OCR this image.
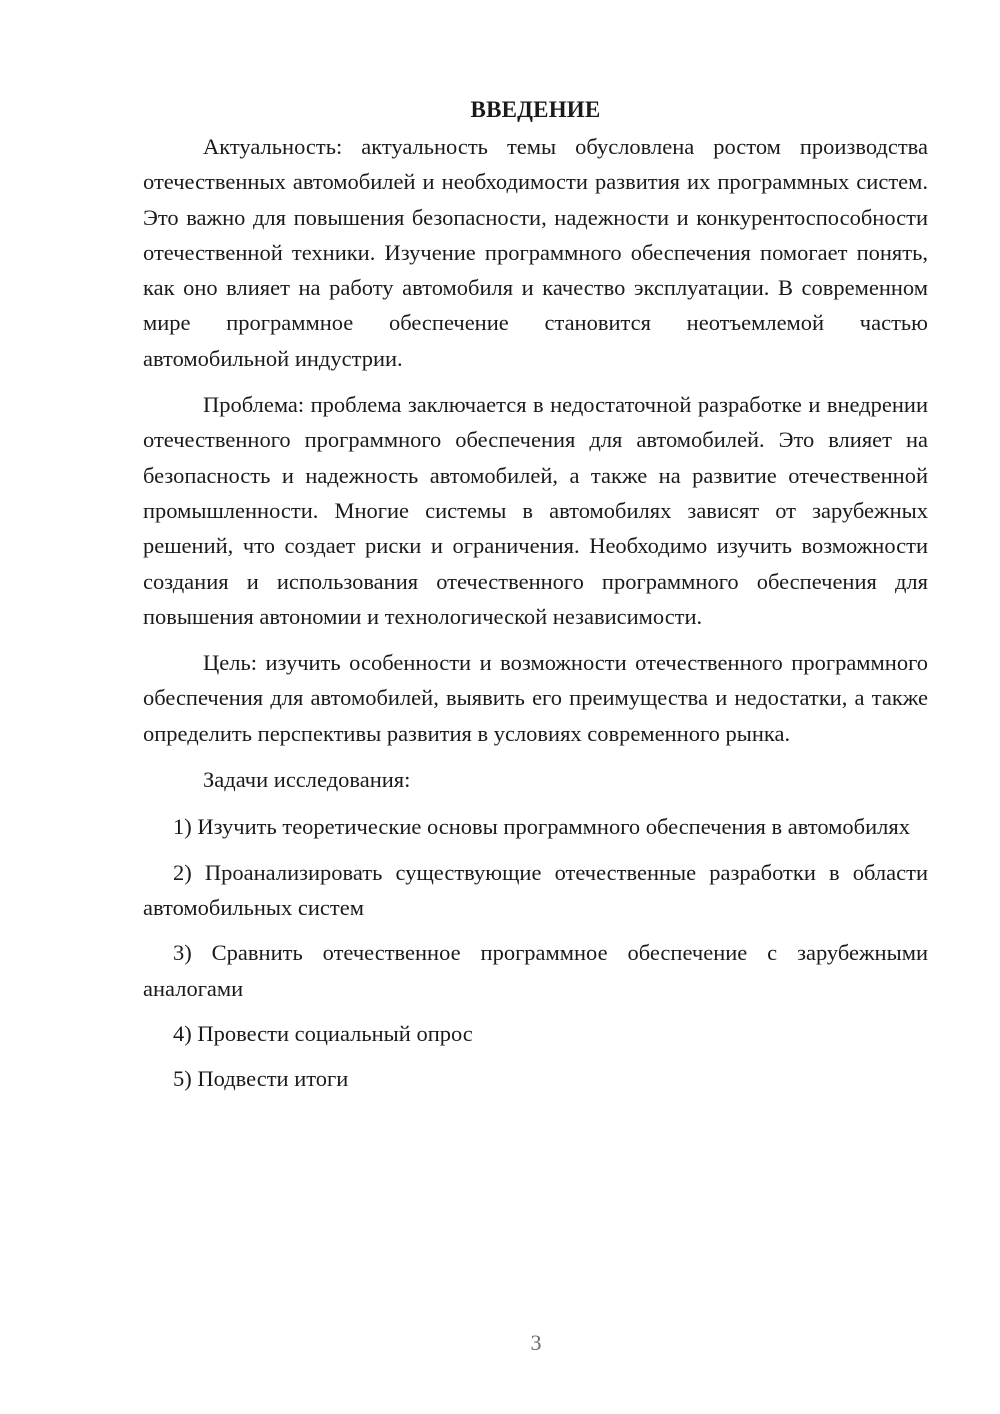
ВВЕДЕНИЕ

Актуальность: актуальность темы обусловлена ростом производства отечественных автомобилей и необходимости развития их программных систем. Это важно для повышения безопасности, надежности и конкурентоспособности отечественной техники. Изучение программного обеспечения помогает понять, как оно влияет на работу автомобиля и качество эксплуатации. В современном мире программное обеспечение становится неотъемлемой частью автомобильной индустрии.

Проблема: проблема заключается в недостаточной разработке и внедрении отечественного программного обеспечения для автомобилей. Это влияет на безопасность и надежность автомобилей, а также на развитие отечественной промышленности. Многие системы в автомобилях зависят от зарубежных решений, что создает риски и ограничения. Необходимо изучить возможности создания и использования отечественного программного обеспечения для повышения автономии и технологической независимости.

Цель: изучить особенности и возможности отечественного программного обеспечения для автомобилей, выявить его преимущества и недостатки, а также определить перспективы развития в условиях современного рынка.

Задачи исследования:

1) Изучить теоретические основы программного обеспечения в автомобилях

2) Проанализировать существующие отечественные разработки в области автомобильных систем

3) Сравнить отечественное программное обеспечение с зарубежными аналогами

4) Провести социальный опрос

5) Подвести итоги

3
